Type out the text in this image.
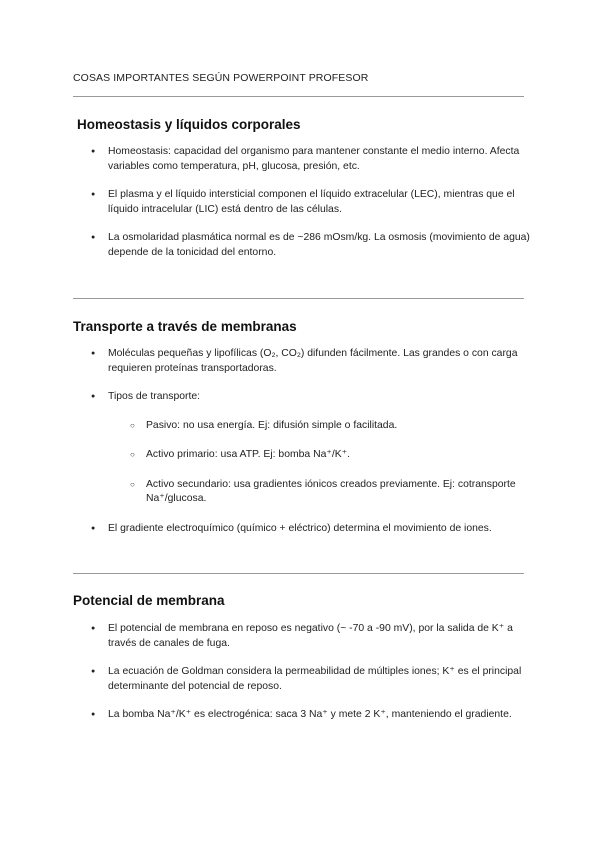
COSAS IMPORTANTES SEGÚN POWERPOINT PROFESOR
Homeostasis y líquidos corporales
● Homeostasis: capacidad del organismo para mantener constante el medio interno. Afecta variables como temperatura, pH, glucosa, presión, etc.
● El plasma y el líquido intersticial componen el líquido extracelular (LEC), mientras que el líquido intracelular (LIC) está dentro de las células.
● La osmolaridad plasmática normal es de ~286 mOsm/kg. La osmosis (movimiento de agua) depende de la tonicidad del entorno.
Transporte a través de membranas
● Moléculas pequeñas y lipofílicas (O₂, CO₂) difunden fácilmente. Las grandes o con carga requieren proteínas transportadoras.
● Tipos de transporte:
○ Pasivo: no usa energía. Ej: difusión simple o facilitada.
○ Activo primario: usa ATP. Ej: bomba Na⁺/K⁺.
○ Activo secundario: usa gradientes iónicos creados previamente. Ej: cotransporte Na⁺/glucosa.
● El gradiente electroquímico (químico + eléctrico) determina el movimiento de iones.
Potencial de membrana
● El potencial de membrana en reposo es negativo (~ -70 a -90 mV), por la salida de K⁺ a través de canales de fuga.
● La ecuación de Goldman considera la permeabilidad de múltiples iones; K⁺ es el principal determinante del potencial de reposo.
● La bomba Na⁺/K⁺ es electrogénica: saca 3 Na⁺ y mete 2 K⁺, manteniendo el gradiente.
